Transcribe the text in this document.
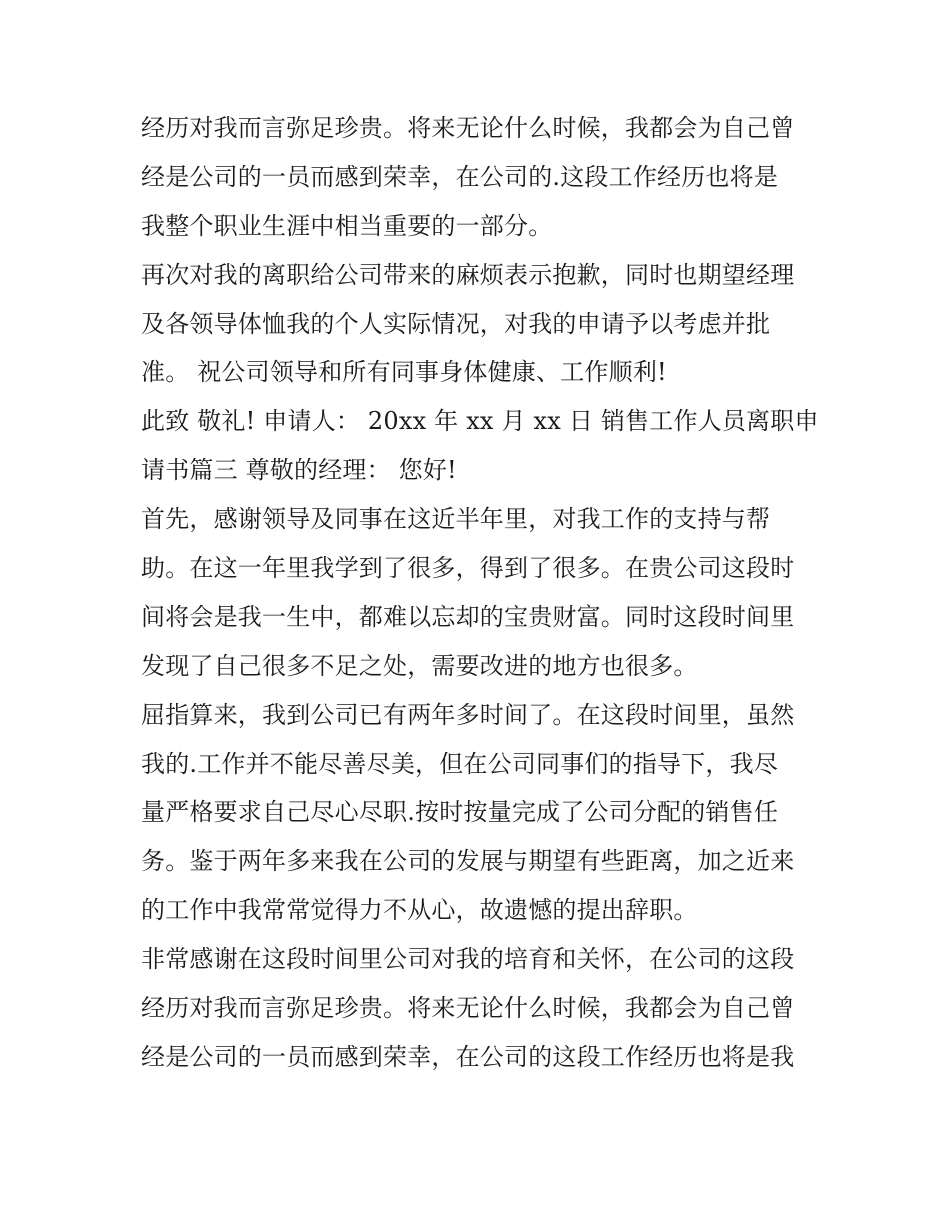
经历对我而言弥足珍贵。将来无论什么时候，我都会为自己曾
经是公司的一员而感到荣幸，在公司的.这段工作经历也将是
我整个职业生涯中相当重要的一部分。
再次对我的离职给公司带来的麻烦表示抱歉，同时也期望经理
及各领导体恤我的个人实际情况，对我的申请予以考虑并批
准。 祝公司领导和所有同事身体健康、工作顺利!
此致 敬礼! 申请人： 20xx 年 xx 月 xx 日 销售工作人员离职申
请书篇三 尊敬的经理： 您好!
首先，感谢领导及同事在这近半年里，对我工作的支持与帮
助。在这一年里我学到了很多，得到了很多。在贵公司这段时
间将会是我一生中，都难以忘却的宝贵财富。同时这段时间里
发现了自己很多不足之处，需要改进的地方也很多。
屈指算来，我到公司已有两年多时间了。在这段时间里，虽然
我的.工作并不能尽善尽美，但在公司同事们的指导下，我尽
量严格要求自己尽心尽职.按时按量完成了公司分配的销售任
务。鉴于两年多来我在公司的发展与期望有些距离，加之近来
的工作中我常常觉得力不从心，故遗憾的提出辞职。
非常感谢在这段时间里公司对我的培育和关怀，在公司的这段
经历对我而言弥足珍贵。将来无论什么时候，我都会为自己曾
经是公司的一员而感到荣幸，在公司的这段工作经历也将是我
